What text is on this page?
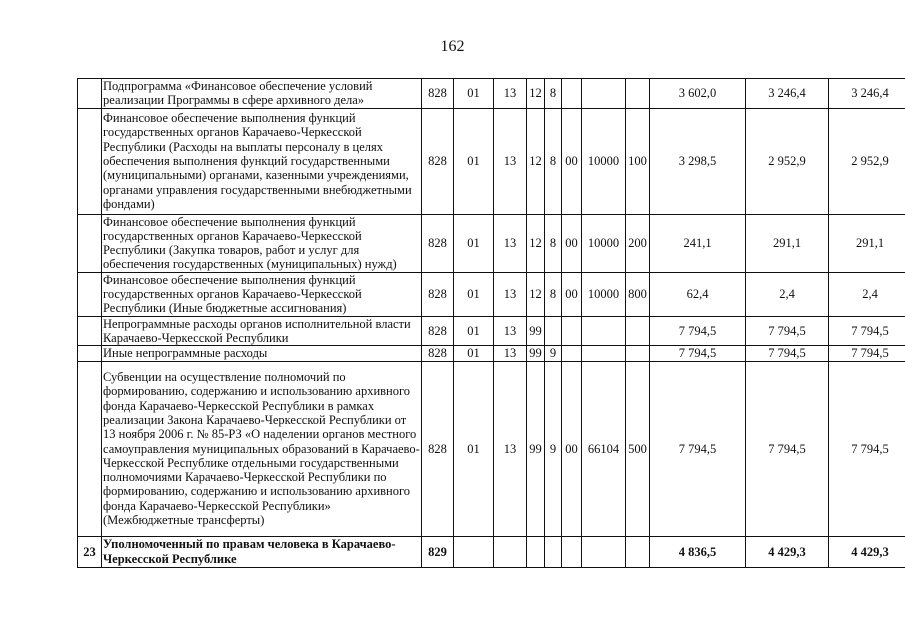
162
	Подпрограмма «Финансовое обеспечение условий реализации Программы в сфере архивного дела»	828	01	13	12	8				3 602,0	3 246,4	3 246,4
	Финансовое обеспечение выполнения функций государственных органов Карачаево-Черкесской Республики (Расходы на выплаты персоналу в целях обеспечения выполнения функций государственными (муниципальными) органами, казенными учреждениями, органами управления государственными внебюджетными фондами)	828	01	13	12	8	00	10000	100	3 298,5	2 952,9	2 952,9
	Финансовое обеспечение выполнения функций государственных органов Карачаево-Черкесской Республики (Закупка товаров, работ и услуг для обеспечения государственных (муниципальных) нужд)	828	01	13	12	8	00	10000	200	241,1	291,1	291,1
	Финансовое обеспечение выполнения функций государственных органов Карачаево-Черкесской Республики (Иные бюджетные ассигнования)	828	01	13	12	8	00	10000	800	62,4	2,4	2,4
	Непрограммные расходы органов исполнительной власти Карачаево-Черкесской Республики	828	01	13	99					7 794,5	7 794,5	7 794,5
	Иные непрограммные расходы	828	01	13	99	9				7 794,5	7 794,5	7 794,5
	Субвенции на осуществление полномочий по формированию, содержанию и использованию архивного фонда Карачаево-Черкесской Республики в рамках реализации Закона Карачаево-Черкесской Республики от 13 ноября 2006 г. № 85-РЗ «О наделении органов местного самоуправления муниципальных образований в Карачаево-Черкесской Республике отдельными государственными полномочиями Карачаево-Черкесской Республики по формированию, содержанию и использованию архивного фонда Карачаево-Черкесской Республики» (Межбюджетные трансферты)	828	01	13	99	9	00	66104	500	7 794,5	7 794,5	7 794,5
23	Уполномоченный по правам человека в Карачаево-Черкесской Республике	829								4 836,5	4 429,3	4 429,3
